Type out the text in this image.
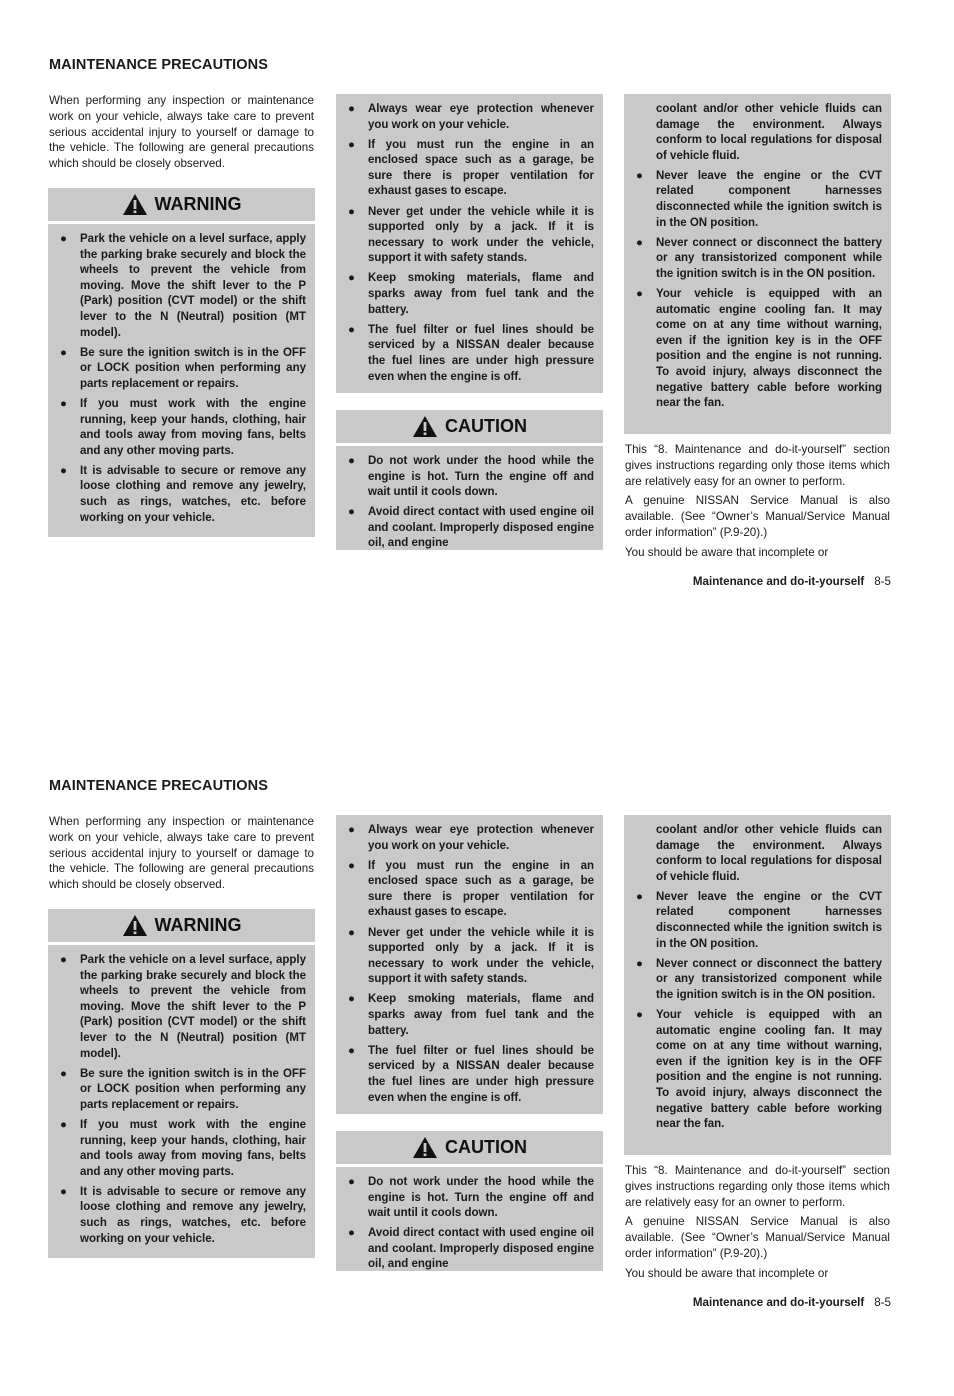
MAINTENANCE PRECAUTIONS

When performing any inspection or maintenance work on your vehicle, always take care to prevent serious accidental injury to yourself or damage to the vehicle. The following are general precautions which should be closely observed.

WARNING
● Park the vehicle on a level surface, apply the parking brake securely and block the wheels to prevent the vehicle from moving. Move the shift lever to the P (Park) position (CVT model) or the shift lever to the N (Neutral) position (MT model).
● Be sure the ignition switch is in the OFF or LOCK position when performing any parts replacement or repairs.
● If you must work with the engine running, keep your hands, clothing, hair and tools away from moving fans, belts and any other moving parts.
● It is advisable to secure or remove any loose clothing and remove any jewelry, such as rings, watches, etc. before working on your vehicle.
● Always wear eye protection whenever you work on your vehicle.
● If you must run the engine in an enclosed space such as a garage, be sure there is proper ventilation for exhaust gases to escape.
● Never get under the vehicle while it is supported only by a jack. If it is necessary to work under the vehicle, support it with safety stands.
● Keep smoking materials, flame and sparks away from fuel tank and the battery.
● The fuel filter or fuel lines should be serviced by a NISSAN dealer because the fuel lines are under high pressure even when the engine is off.
CAUTION
● Do not work under the hood while the engine is hot. Turn the engine off and wait until it cools down.
● Avoid direct contact with used engine oil and coolant. Improperly disposed engine oil, and engine
coolant and/or other vehicle fluids can damage the environment. Always conform to local regulations for disposal of vehicle fluid.
● Never leave the engine or the CVT related component harnesses disconnected while the ignition switch is in the ON position.
● Never connect or disconnect the battery or any transistorized component while the ignition switch is in the ON position.
● Your vehicle is equipped with an automatic engine cooling fan. It may come on at any time without warning, even if the ignition key is in the OFF position and the engine is not running. To avoid injury, always disconnect the negative battery cable before working near the fan.

This “8. Maintenance and do-it-yourself” section gives instructions regarding only those items which are relatively easy for an owner to perform.

A genuine NISSAN Service Manual is also available. (See “Owner’s Manual/Service Manual order information” (P.9-20).)

You should be aware that incomplete or

Maintenance and do-it-yourself 8-5
MAINTENANCE PRECAUTIONS

When performing any inspection or maintenance work on your vehicle, always take care to prevent serious accidental injury to yourself or damage to the vehicle. The following are general precautions which should be closely observed.

WARNING
● Park the vehicle on a level surface, apply the parking brake securely and block the wheels to prevent the vehicle from moving. Move the shift lever to the P (Park) position (CVT model) or the shift lever to the N (Neutral) position (MT model).
● Be sure the ignition switch is in the OFF or LOCK position when performing any parts replacement or repairs.
● If you must work with the engine running, keep your hands, clothing, hair and tools away from moving fans, belts and any other moving parts.
● It is advisable to secure or remove any loose clothing and remove any jewelry, such as rings, watches, etc. before working on your vehicle.
● Always wear eye protection whenever you work on your vehicle.
● If you must run the engine in an enclosed space such as a garage, be sure there is proper ventilation for exhaust gases to escape.
● Never get under the vehicle while it is supported only by a jack. If it is necessary to work under the vehicle, support it with safety stands.
● Keep smoking materials, flame and sparks away from fuel tank and the battery.
● The fuel filter or fuel lines should be serviced by a NISSAN dealer because the fuel lines are under high pressure even when the engine is off.
CAUTION
● Do not work under the hood while the engine is hot. Turn the engine off and wait until it cools down.
● Avoid direct contact with used engine oil and coolant. Improperly disposed engine oil, and engine
coolant and/or other vehicle fluids can damage the environment. Always conform to local regulations for disposal of vehicle fluid.
● Never leave the engine or the CVT related component harnesses disconnected while the ignition switch is in the ON position.
● Never connect or disconnect the battery or any transistorized component while the ignition switch is in the ON position.
● Your vehicle is equipped with an automatic engine cooling fan. It may come on at any time without warning, even if the ignition key is in the OFF position and the engine is not running. To avoid injury, always disconnect the negative battery cable before working near the fan.

This “8. Maintenance and do-it-yourself” section gives instructions regarding only those items which are relatively easy for an owner to perform.

A genuine NISSAN Service Manual is also available. (See “Owner’s Manual/Service Manual order information” (P.9-20).)

You should be aware that incomplete or

Maintenance and do-it-yourself 8-5
